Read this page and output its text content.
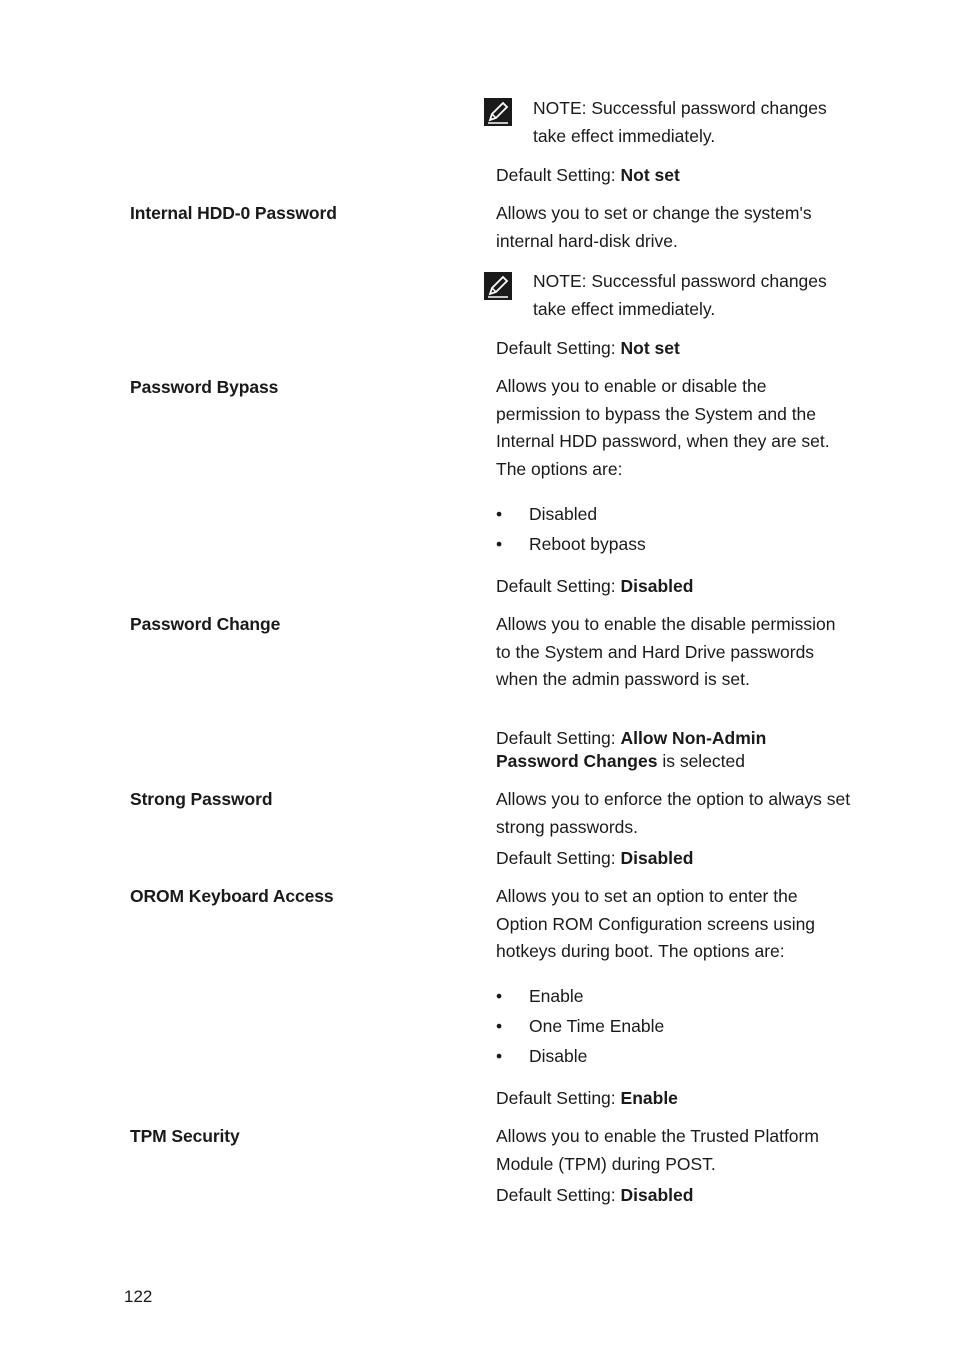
NOTE: Successful password changes take effect immediately.
Default Setting: Not set
Internal HDD-0 Password	Allows you to set or change the system's internal hard-disk drive.
NOTE: Successful password changes take effect immediately.
Default Setting: Not set
Password Bypass	Allows you to enable or disable the permission to bypass the System and the Internal HDD password, when they are set. The options are:
•	Disabled
•	Reboot bypass
Default Setting: Disabled
Password Change	Allows you to enable the disable permission to the System and Hard Drive passwords when the admin password is set.
Default Setting: Allow Non-Admin Password Changes is selected
Strong Password	Allows you to enforce the option to always set strong passwords.
Default Setting: Disabled
OROM Keyboard Access	Allows you to set an option to enter the Option ROM Configuration screens using hotkeys during boot. The options are:
•	Enable
•	One Time Enable
•	Disable
Default Setting: Enable
TPM Security	Allows you to enable the Trusted Platform Module (TPM) during POST.
Default Setting: Disabled
122
